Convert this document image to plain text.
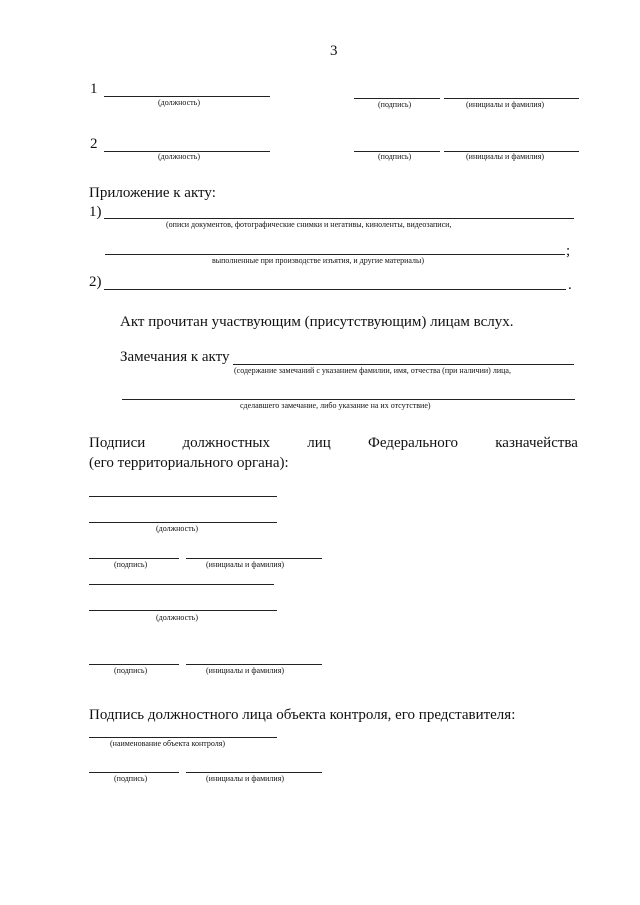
3
1
(должность)	(подпись)	(инициалы и фамилия)
2
(должность)	(подпись)	(инициалы и фамилия)
Приложение к акту:
1)
(описи документов, фотографические снимки и негативы, киноленты, видеозаписи,
;
выполненные при производстве изъятия, и другие материалы)
2)	.
Акт прочитан участвующим (присутствующим) лицам вслух.
Замечания к акту
(содержание замечаний с указанием фамилии, имя, отчества (при наличии) лица,
сделавшего замечание, либо указание на их отсутствие)
Подписи должностных лиц Федерального казначейства
(его территориального органа):
(должность)
(подпись)	(инициалы и фамилия)
(должность)
(подпись)	(инициалы и фамилия)
Подпись должностного лица объекта контроля, его представителя:
(наименование объекта контроля)
(подпись)	(инициалы и фамилия)
